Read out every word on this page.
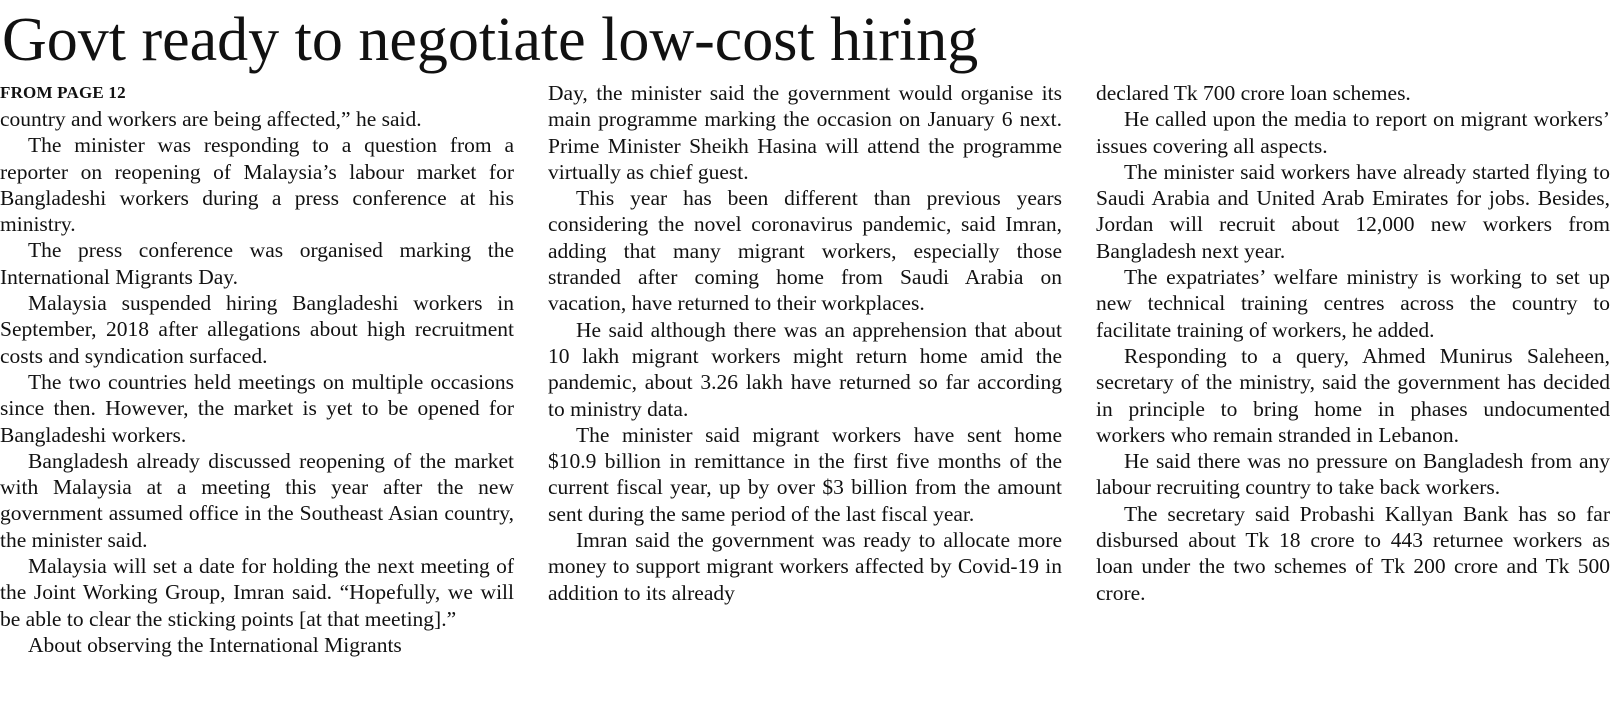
Govt ready to negotiate low-cost hiring

FROM PAGE 12

country and workers are being affected,” he said.

The minister was responding to a question from a reporter on reopening of Malaysia’s labour market for Bangladeshi workers during a press conference at his ministry.

The press conference was organised marking the International Migrants Day.

Malaysia suspended hiring Bangladeshi workers in September, 2018 after allegations about high recruitment costs and syndication surfaced.

The two countries held meetings on multiple occasions since then. However, the market is yet to be opened for Bangladeshi workers.

Bangladesh already discussed reopening of the market with Malaysia at a meeting this year after the new government assumed office in the Southeast Asian country, the minister said.

Malaysia will set a date for holding the next meeting of the Joint Working Group, Imran said. “Hopefully, we will be able to clear the sticking points [at that meeting].”

About observing the International Migrants

Day, the minister said the government would organise its main programme marking the occasion on January 6 next. Prime Minister Sheikh Hasina will attend the programme virtually as chief guest.

This year has been different than previous years considering the novel coronavirus pandemic, said Imran, adding that many migrant workers, especially those stranded after coming home from Saudi Arabia on vacation, have returned to their workplaces.

He said although there was an apprehension that about 10 lakh migrant workers might return home amid the pandemic, about 3.26 lakh have returned so far according to ministry data.

The minister said migrant workers have sent home $10.9 billion in remittance in the first five months of the current fiscal year, up by over $3 billion from the amount sent during the same period of the last fiscal year.

Imran said the government was ready to allocate more money to support migrant workers affected by Covid-19 in addition to its already

declared Tk 700 crore loan schemes.

He called upon the media to report on migrant workers’ issues covering all aspects.

The minister said workers have already started flying to Saudi Arabia and United Arab Emirates for jobs. Besides, Jordan will recruit about 12,000 new workers from Bangladesh next year.

The expatriates’ welfare ministry is working to set up new technical training centres across the country to facilitate training of workers, he added.

Responding to a query, Ahmed Munirus Saleheen, secretary of the ministry, said the government has decided in principle to bring home in phases undocumented workers who remain stranded in Lebanon.

He said there was no pressure on Bangladesh from any labour recruiting country to take back workers.

The secretary said Probashi Kallyan Bank has so far disbursed about Tk 18 crore to 443 returnee workers as loan under the two schemes of Tk 200 crore and Tk 500 crore.
